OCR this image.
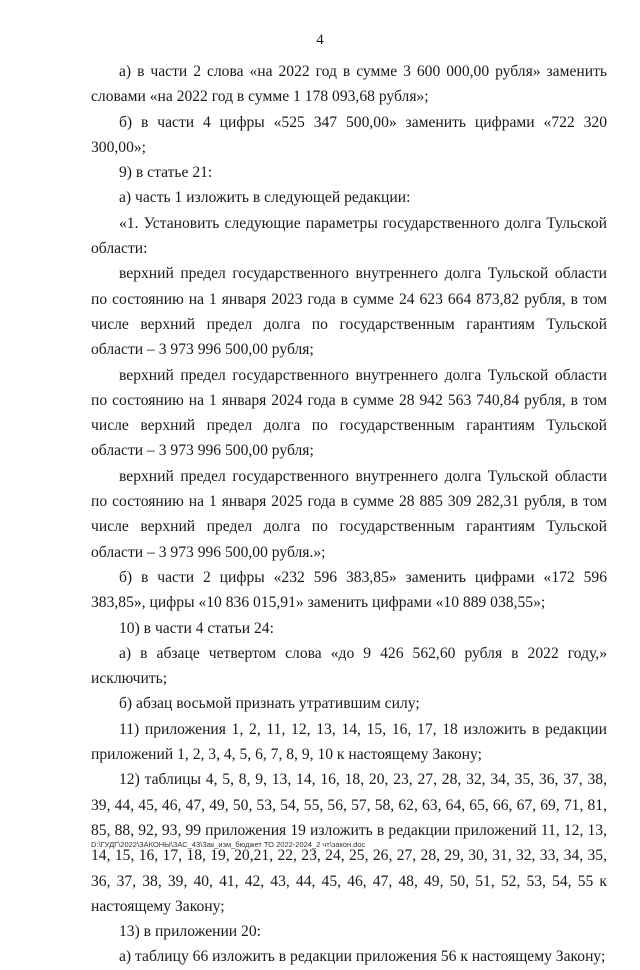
4

а) в части 2 слова «на 2022 год в сумме 3 600 000,00 рубля» заменить словами «на 2022 год в сумме 1 178 093,68 рубля»;

б) в части 4 цифры «525 347 500,00» заменить цифрами «722 320 300,00»;

9) в статье 21:

а) часть 1 изложить в следующей редакции:

«1. Установить следующие параметры государственного долга Тульской области:

верхний предел государственного внутреннего долга Тульской области по состоянию на 1 января 2023 года в сумме 24 623 664 873,82 рубля, в том числе верхний предел долга по государственным гарантиям Тульской области – 3 973 996 500,00 рубля;

верхний предел государственного внутреннего долга Тульской области по состоянию на 1 января 2024 года в сумме 28 942 563 740,84 рубля, в том числе верхний предел долга по государственным гарантиям Тульской области – 3 973 996 500,00 рубля;

верхний предел государственного внутреннего долга Тульской области по состоянию на 1 января 2025 года в сумме 28 885 309 282,31 рубля, в том числе верхний предел долга по государственным гарантиям Тульской области – 3 973 996 500,00 рубля.»;

б) в части 2 цифры «232 596 383,85» заменить цифрами «172 596 383,85», цифры «10 836 015,91» заменить цифрами «10 889 038,55»;

10) в части 4 статьи 24:

а) в абзаце четвертом слова «до 9 426 562,60 рубля в 2022 году,» исключить;

б) абзац восьмой признать утратившим силу;

11) приложения 1, 2, 11, 12, 13, 14, 15, 16, 17, 18 изложить в редакции приложений 1, 2, 3, 4, 5, 6, 7, 8, 9, 10 к настоящему Закону;

12) таблицы 4, 5, 8, 9, 13, 14, 16, 18, 20, 23, 27, 28, 32, 34, 35, 36, 37, 38, 39, 44, 45, 46, 47, 49, 50, 53, 54, 55, 56, 57, 58, 62, 63, 64, 65, 66, 67, 69, 71, 81, 85, 88, 92, 93, 99 приложения 19 изложить в редакции приложений 11, 12, 13, 14, 15, 16, 17, 18, 19, 20,21, 22, 23, 24, 25, 26, 27, 28, 29, 30, 31, 32, 33, 34, 35, 36, 37, 38, 39, 40, 41, 42, 43, 44, 45, 46, 47, 48, 49, 50, 51, 52, 53, 54, 55 к настоящему Закону;

13) в приложении 20:

а) таблицу 66 изложить в редакции приложения 56 к настоящему Закону;

D:\ГУДГ\2022\ЗАКОНЫ\ЗАС_43\Зак_изм_бюджет ТО 2022-2024_2 чт\закон.doc
